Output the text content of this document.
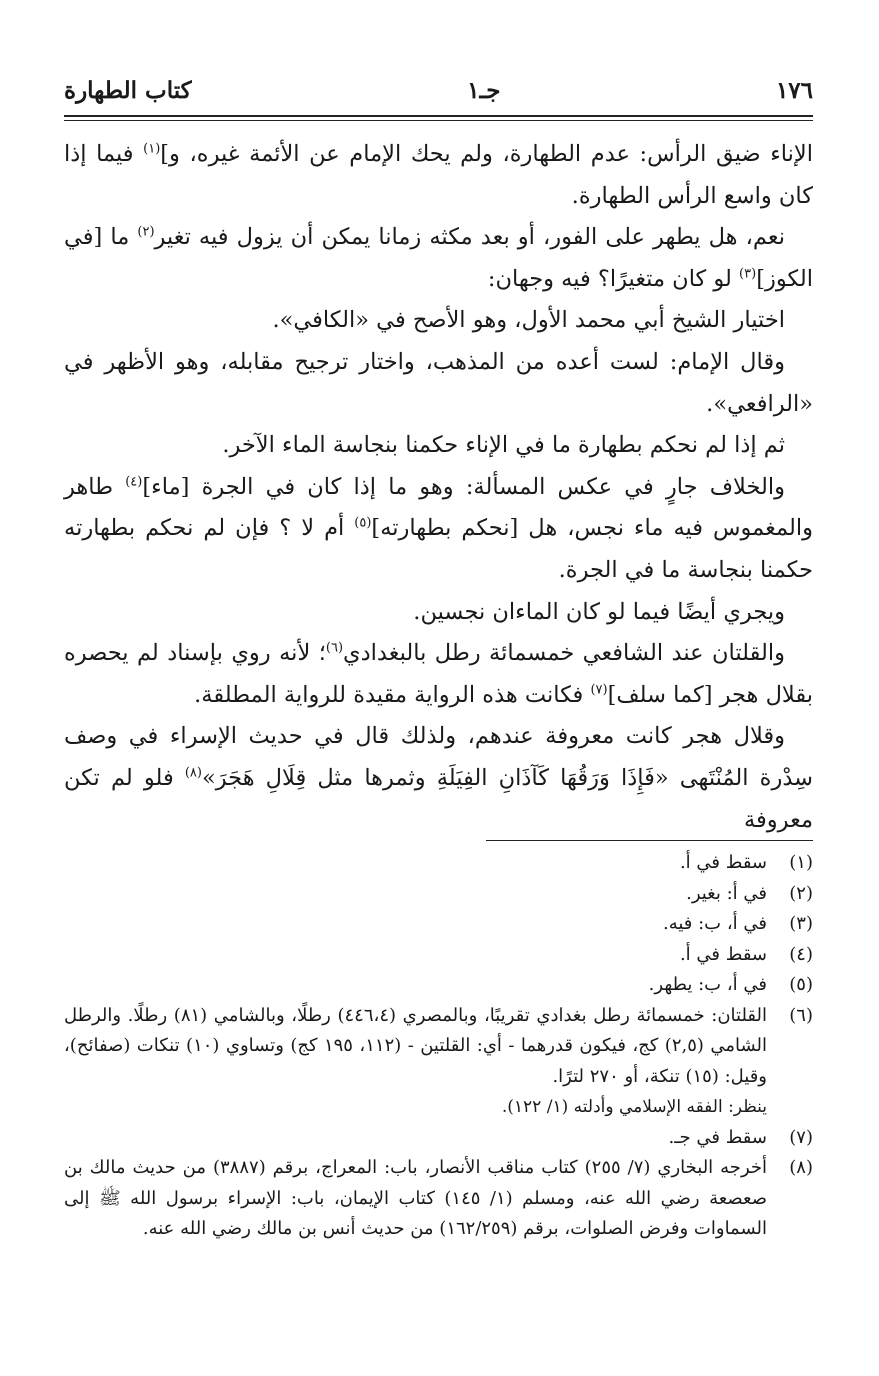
١٧٦
جـ١
كتاب الطهارة

الإناء ضيق الرأس: عدم الطهارة، ولم يحك الإمام عن الأئمة غيره، و]$^{(١)}$ فيما إذا كان واسع الرأس الطهارة.

نعم، هل يطهر على الفور، أو بعد مكثه زمانا يمكن أن يزول فيه تغير$^{(٢)}$ ما [في الكوز]$^{(٣)}$ لو كان متغيرًا؟ فيه وجهان:

اختيار الشيخ أبي محمد الأول، وهو الأصح في «الكافي».

وقال الإمام: لست أعده من المذهب، واختار ترجيح مقابله، وهو الأظهر في «الرافعي».

ثم إذا لم نحكم بطهارة ما في الإناء حكمنا بنجاسة الماء الآخر.

والخلاف جارٍ في عكس المسألة: وهو ما إذا كان في الجرة [ماء]$^{(٤)}$ طاهر والمغموس فيه ماء نجس، هل [نحكم بطهارته]$^{(٥)}$ أم لا ؟ فإن لم نحكم بطهارته حكمنا بنجاسة ما في الجرة.

ويجري أيضًا فيما لو كان الماءان نجسين.

والقلتان عند الشافعي خمسمائة رطل بالبغدادي$^{(٦)}$؛ لأنه روي بإسناد لم يحصره بقلال هجر [كما سلف]$^{(٧)}$ فكانت هذه الرواية مقيدة للرواية المطلقة.

وقلال هجر كانت معروفة عندهم، ولذلك قال في حديث الإسراء في وصف سِدْرة المُنْتَهى «فَإِذَا وَرَقُهَا كَآذَانِ الفِيَلَةِ وثمرها مثل قِلَالِ هَجَرَ»$^{(٨)}$ فلو لم تكن معروفة

(١)
سقط في أ.
(٢)
في أ: بغير.
(٣)
في أ، ب: فيه.
(٤)
سقط في أ.
(٥)
في أ، ب: يطهر.
(٦)
القلتان: خمسمائة رطل بغدادي تقريبًا، وبالمصري (٤٤٦،٤) رطلًا، وبالشامي (٨١) رطلًا. والرطل الشامي (٢,٥) كج، فيكون قدرهما - أي: القلتين - (١١٢، ١٩٥ كج) وتساوي (١٠) تنكات (صفائح)، وقيل: (١٥) تنكة، أو ٢٧٠ لترًا.
ينظر: الفقه الإسلامي وأدلته (١/ ١٢٢).
(٧)
سقط في جـ.
(٨)
أخرجه البخاري (٧/ ٢٥٥) كتاب مناقب الأنصار، باب: المعراج، برقم (٣٨٨٧) من حديث مالك بن صعصعة رضي الله عنه، ومسلم (١/ ١٤٥) كتاب الإيمان، باب: الإسراء برسول الله ﷺ إلى السماوات وفرض الصلوات، برقم (١٦٢/٢٥٩) من حديث أنس بن مالك رضي الله عنه.
